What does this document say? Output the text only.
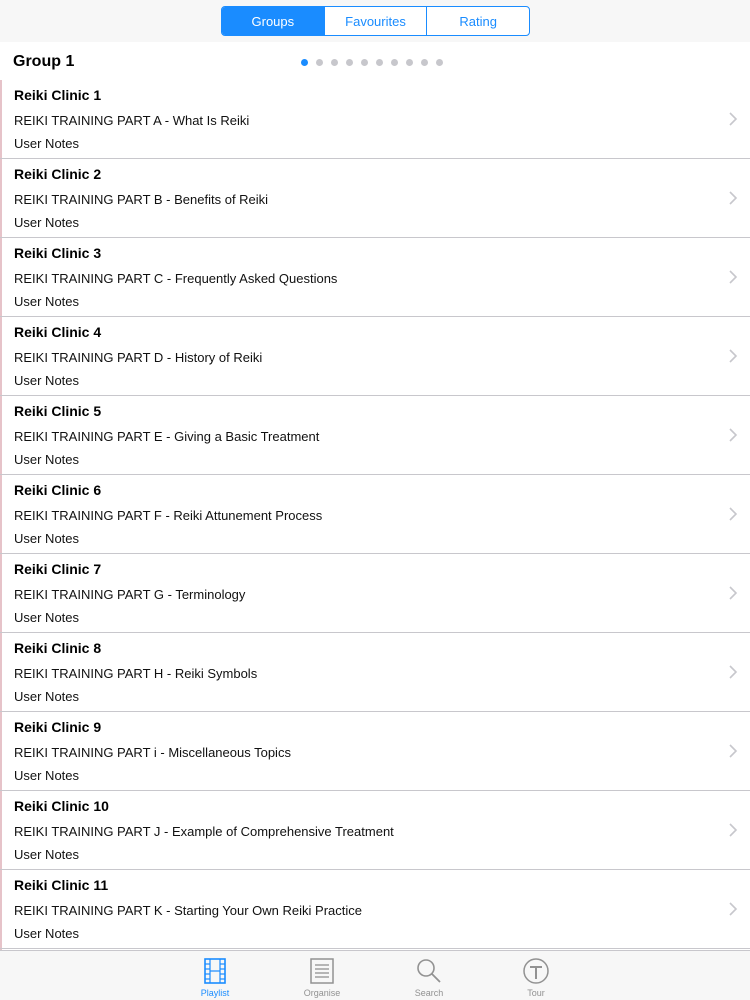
Groups	Favourites	Rating
Group 1
Reiki Clinic 1
REIKI TRAINING PART A - What Is Reiki
User Notes
Reiki Clinic 2
REIKI TRAINING PART B - Benefits of Reiki
User Notes
Reiki Clinic 3
REIKI TRAINING PART C - Frequently Asked Questions
User Notes
Reiki Clinic 4
REIKI TRAINING PART D - History of Reiki
User Notes
Reiki Clinic 5
REIKI TRAINING PART E - Giving a Basic Treatment
User Notes
Reiki Clinic 6
REIKI TRAINING PART F - Reiki Attunement Process
User Notes
Reiki Clinic 7
REIKI TRAINING PART G - Terminology
User Notes
Reiki Clinic 8
REIKI TRAINING PART H - Reiki Symbols
User Notes
Reiki Clinic 9
REIKI TRAINING PART i - Miscellaneous Topics
User Notes
Reiki Clinic 10
REIKI TRAINING PART J - Example of Comprehensive Treatment
User Notes
Reiki Clinic 11
REIKI TRAINING PART K - Starting Your Own Reiki Practice
User Notes
Playlist	Organise	Search	Tour
